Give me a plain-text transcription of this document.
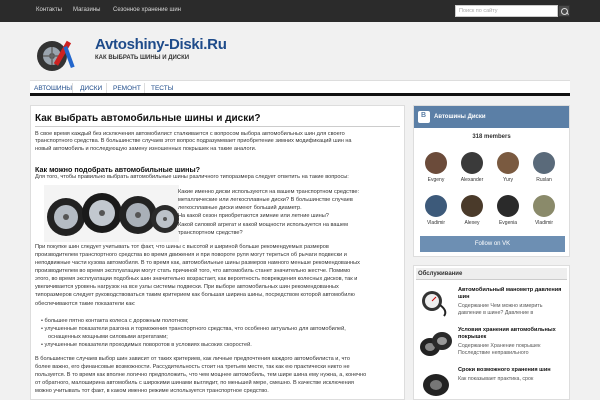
Контакты Магазины Сезонное хранение шин	Поиск по сайту
Avtoshiny-Diski.Ru
КАК ВЫБРАТЬ ШИНЫ И ДИСКИ
АВТОШИНЫ ДИСКИ РЕМОНТ ТЕСТЫ
Как выбрать автомобильные шины и диски?
В свое время каждый без исключения автомобилист сталкивается с вопросом выбора автомобильных шин для своего
транспортного средства. В большинстве случаев этот вопрос подразумевает приобретение зимних модификаций шин на
новый автомобиль и последующую замену изношенных покрышек на такие аналоги.
Как можно подобрать автомобильные шины?
Для того, чтобы правильно выбрать автомобильные шины различного типоразмера следует ответить на такие вопросы:
Какие именно диски используются на вашем транспортном средстве:
металлические или легкосплавные диски? В большинстве случаев
легкосплавные диски имеют больший диаметр.
На какой сезон приобретаются зимние или летние шины?
Какой силовой агрегат и какой мощности используется на вашем
транспортном средстве?
При покупке шин следует учитывать тот факт, что шины с высотой и шириной больше рекомендуемых размеров
производителем транспортного средства во время движения и при повороте руля могут тереться об рычаги подвески и
неподвижные части кузова автомобиля. В то время как, автомобильные шины размеров намного меньше рекомендованных
производителем во время эксплуатации могут стать причиной того, что автомобиль станет значительно жестче. Помимо
этого, во время эксплуатации подобных шин значительно возрастает, как вероятность повреждения колесных дисков, так и
увеличивается уровень нагрузок на все узлы системы подвески. При выборе автомобильных шин рекомендованных
типоразмеров следует руководствоваться таким критерием как большая ширина шины, посредством которой автомобилю
обеспечиваются такие показатели как:
• большее пятно контакта колеса с дорожным полотном;
• улучшенные показатели разгона и торможения транспортного средства, что особенно актуально для автомобилей,
оснащенных мощными силовыми агрегатами;
• улучшенные показатели проходимых поворотов в условиях высоких скоростей.
В большинстве случаев выбор шин зависит от таких критериев, как личные предпочтения каждого автомобилиста и, что
более важно, его финансовые возможности. Рассудительность стоит на третьем месте, так как ею практически никто не
пользуется. В то время как вполне логично предположить, что чем мощнее автомобиль, тем шире шина ему нужна, а, конечно
от обратного, малоширина автомобиль с широкими шинами выглядит, по меньшей мере, смешно. В качестве исключения
можно учитывать тот факт, в каком именно режиме используется транспортное средство.
В
Автошины Диски
318 members
Evgeny	Alexander	Yury	Ruslan
Vladimir	Alexey	Evgenia	Vladimir
Follow on VK
Обслуживание
Автомобильный манометр давления
шин
Содержание Чем можно измерить
давление в шине? Давление в
Условия хранения автомобильных
покрышек
Содержание Хранение покрышек
Последствие неправильного
Сроки возможного хранения шин
Как показывает практика, срок
